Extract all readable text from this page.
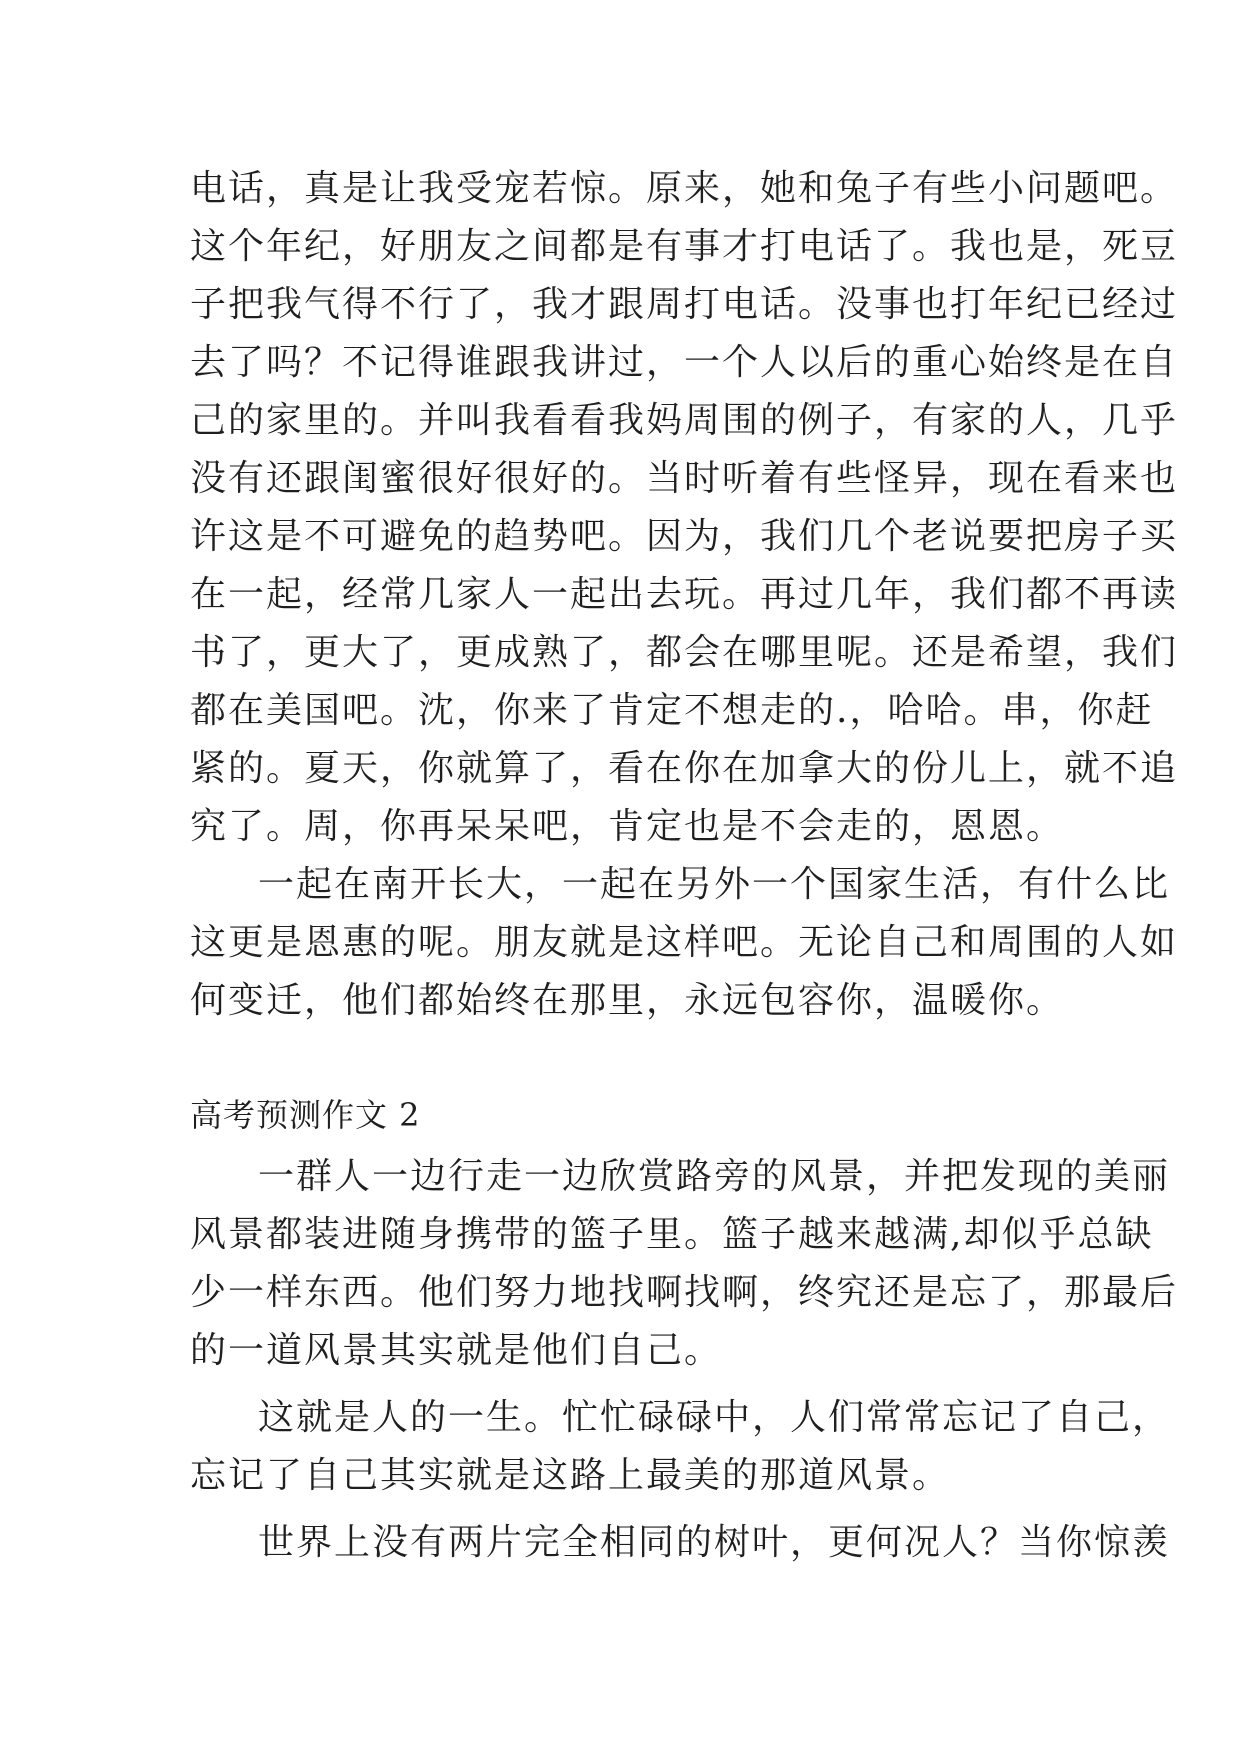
电话，真是让我受宠若惊。原来，她和兔子有些小问题吧。
这个年纪，好朋友之间都是有事才打电话了。我也是，死豆
子把我气得不行了，我才跟周打电话。没事也打年纪已经过
去了吗？不记得谁跟我讲过，一个人以后的重心始终是在自
己的家里的。并叫我看看我妈周围的例子，有家的人，几乎
没有还跟闺蜜很好很好的。当时听着有些怪异，现在看来也
许这是不可避免的趋势吧。因为，我们几个老说要把房子买
在一起，经常几家人一起出去玩。再过几年，我们都不再读
书了，更大了，更成熟了，都会在哪里呢。还是希望，我们
都在美国吧。沈，你来了肯定不想走的.，哈哈。串，你赶
紧的。夏天，你就算了，看在你在加拿大的份儿上，就不追
究了。周，你再呆呆吧，肯定也是不会走的，恩恩。
一起在南开长大，一起在另外一个国家生活，有什么比
这更是恩惠的呢。朋友就是这样吧。无论自己和周围的人如
何变迁，他们都始终在那里，永远包容你，温暖你。
高考预测作文 2
一群人一边行走一边欣赏路旁的风景，并把发现的美丽
风景都装进随身携带的篮子里。篮子越来越满,却似乎总缺
少一样东西。他们努力地找啊找啊，终究还是忘了，那最后
的一道风景其实就是他们自己。
这就是人的一生。忙忙碌碌中，人们常常忘记了自己，
忘记了自己其实就是这路上最美的那道风景。
世界上没有两片完全相同的树叶，更何况人？当你惊羡
